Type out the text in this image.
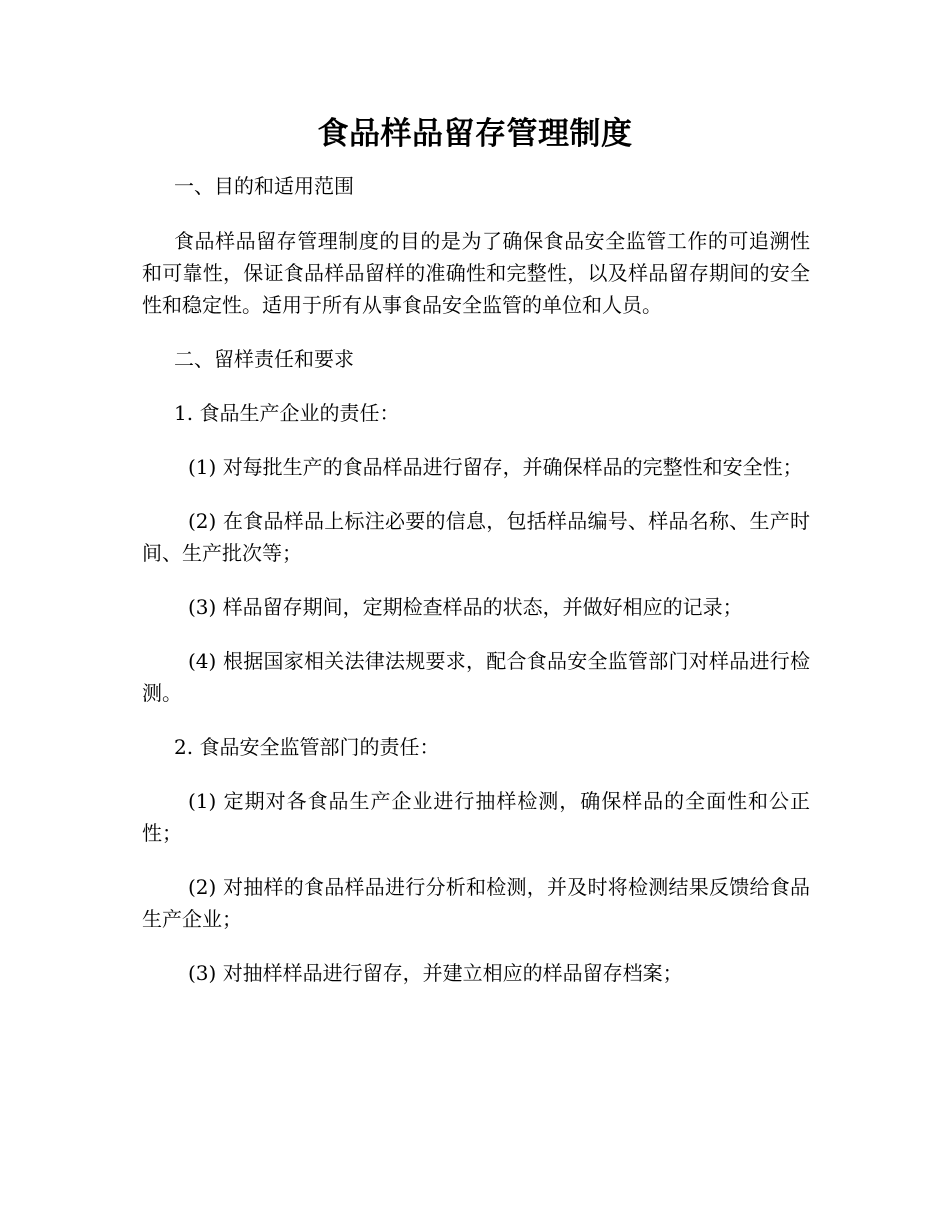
食品样品留存管理制度

一、目的和适用范围

食品样品留存管理制度的目的是为了确保食品安全监管工作的可追溯性和可靠性，保证食品样品留样的准确性和完整性，以及样品留存期间的安全性和稳定性。适用于所有从事食品安全监管的单位和人员。

二、留样责任和要求

1. 食品生产企业的责任：

(1) 对每批生产的食品样品进行留存，并确保样品的完整性和安全性；

(2) 在食品样品上标注必要的信息，包括样品编号、样品名称、生产时间、生产批次等；

(3) 样品留存期间，定期检查样品的状态，并做好相应的记录；

(4) 根据国家相关法律法规要求，配合食品安全监管部门对样品进行检测。

2. 食品安全监管部门的责任：

(1) 定期对各食品生产企业进行抽样检测，确保样品的全面性和公正性；

(2) 对抽样的食品样品进行分析和检测，并及时将检测结果反馈给食品生产企业；

(3) 对抽样样品进行留存，并建立相应的样品留存档案；
